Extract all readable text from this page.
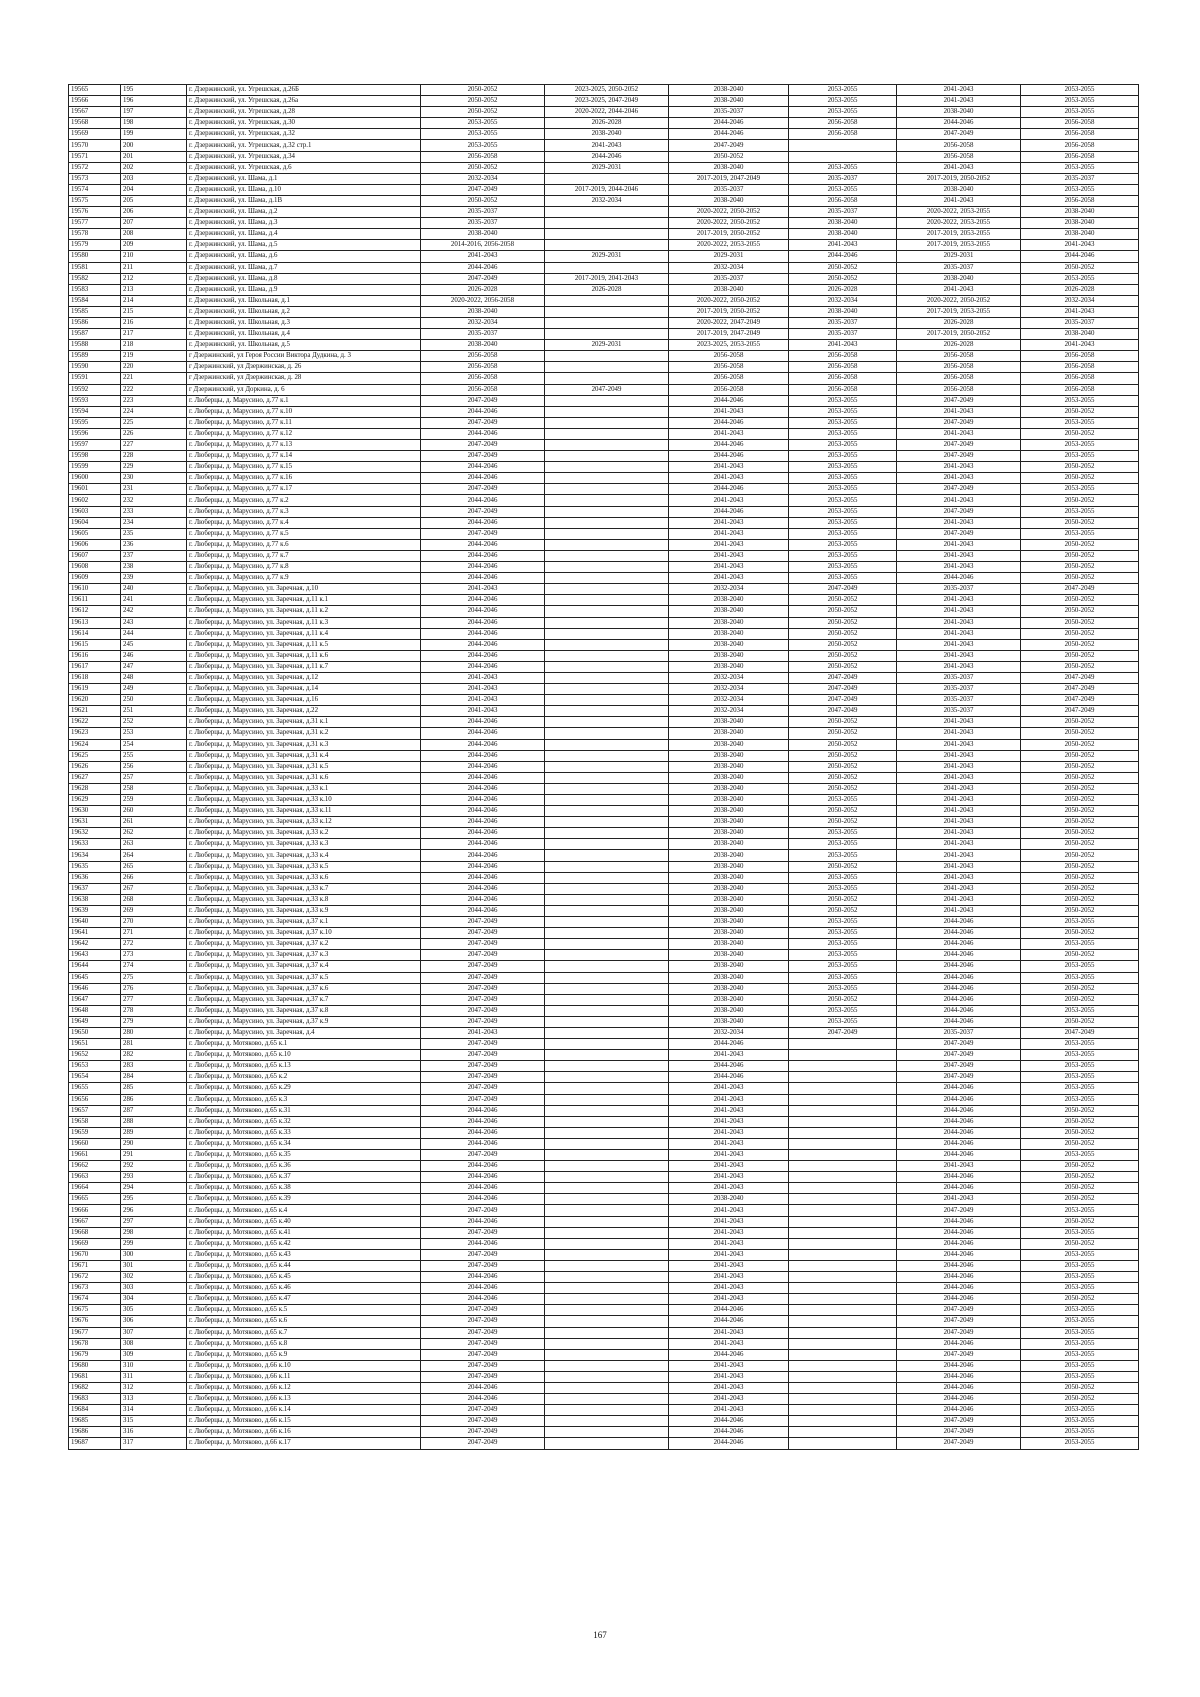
19565	195	г. Дзержинский, ул. Угрешская, д.26Б	2050-2052	2023-2025, 2050-2052	2038-2040	2053-2055	2041-2043	2053-2055
19566	196	г. Дзержинский, ул. Угрешская, д.26а	2050-2052	2023-2025, 2047-2049	2038-2040	2053-2055	2041-2043	2053-2055
19567	197	г. Дзержинский, ул. Угрешская, д.28	2050-2052	2020-2022, 2044-2046	2035-2037	2053-2055	2038-2040	2053-2055
19568	198	г. Дзержинский, ул. Угрешская, д.30	2053-2055	2026-2028	2044-2046	2056-2058	2044-2046	2056-2058
19569	199	г. Дзержинский, ул. Угрешская, д.32	2053-2055	2038-2040	2044-2046	2056-2058	2047-2049	2056-2058
19570	200	г. Дзержинский, ул. Угрешская, д.32 стр.1	2053-2055	2041-2043	2047-2049		2056-2058	2056-2058
19571	201	г. Дзержинский, ул. Угрешская, д.34	2056-2058	2044-2046	2050-2052		2056-2058	2056-2058
19572	202	г. Дзержинский, ул. Угрешская, д.6	2050-2052	2029-2031	2038-2040	2053-2055	2041-2043	2053-2055
19573	203	г. Дзержинский, ул. Шама, д.1	2032-2034		2017-2019, 2047-2049	2035-2037	2017-2019, 2050-2052	2035-2037
19574	204	г. Дзержинский, ул. Шама, д.10	2047-2049	2017-2019, 2044-2046	2035-2037	2053-2055	2038-2040	2053-2055
19575	205	г. Дзержинский, ул. Шама, д.1В	2050-2052	2032-2034	2038-2040	2056-2058	2041-2043	2056-2058
19576	206	г. Дзержинский, ул. Шама, д.2	2035-2037		2020-2022, 2050-2052	2035-2037	2020-2022, 2053-2055	2038-2040
19577	207	г. Дзержинский, ул. Шама, д.3	2035-2037		2020-2022, 2050-2052	2038-2040	2020-2022, 2053-2055	2038-2040
19578	208	г. Дзержинский, ул. Шама, д.4	2038-2040		2017-2019, 2050-2052	2038-2040	2017-2019, 2053-2055	2038-2040
19579	209	г. Дзержинский, ул. Шама, д.5	2014-2016, 2056-2058		2020-2022, 2053-2055	2041-2043	2017-2019, 2053-2055	2041-2043
19580	210	г. Дзержинский, ул. Шама, д.6	2041-2043	2029-2031	2029-2031	2044-2046	2029-2031	2044-2046
19581	211	г. Дзержинский, ул. Шама, д.7	2044-2046		2032-2034	2050-2052	2035-2037	2050-2052
19582	212	г. Дзержинский, ул. Шама, д.8	2047-2049	2017-2019, 2041-2043	2035-2037	2050-2052	2038-2040	2053-2055
19583	213	г. Дзержинский, ул. Шама, д.9	2026-2028	2026-2028	2038-2040	2026-2028	2041-2043	2026-2028
19584	214	г. Дзержинский, ул. Школьная, д.1	2020-2022, 2056-2058		2020-2022, 2050-2052	2032-2034	2020-2022, 2050-2052	2032-2034
19585	215	г. Дзержинский, ул. Школьная, д.2	2038-2040		2017-2019, 2050-2052	2038-2040	2017-2019, 2053-2055	2041-2043
19586	216	г. Дзержинский, ул. Школьная, д.3	2032-2034		2020-2022, 2047-2049	2035-2037	2026-2028	2035-2037
19587	217	г. Дзержинский, ул. Школьная, д.4	2035-2037		2017-2019, 2047-2049	2035-2037	2017-2019, 2050-2052	2038-2040
19588	218	г. Дзержинский, ул. Школьная, д.5	2038-2040	2029-2031	2023-2025, 2053-2055	2041-2043	2026-2028	2041-2043
19589	219	г Дзержинский, ул Героя России Виктора Дудкина, д. 3	2056-2058		2056-2058	2056-2058	2056-2058	2056-2058
19590	220	г Дзержинский, ул Дзержинская, д. 26	2056-2058		2056-2058	2056-2058	2056-2058	2056-2058
19591	221	г Дзержинский, ул Дзержинская, д. 28	2056-2058		2056-2058	2056-2058	2056-2058	2056-2058
19592	222	г Дзержинский, ул Доркина, д. 6	2056-2058	2047-2049	2056-2058	2056-2058	2056-2058	2056-2058
19593	223	г. Люберцы, д. Марусино, д.77 к.1	2047-2049		2044-2046	2053-2055	2047-2049	2053-2055
19594	224	г. Люберцы, д. Марусино, д.77 к.10	2044-2046		2041-2043	2053-2055	2041-2043	2050-2052
19595	225	г. Люберцы, д. Марусино, д.77 к.11	2047-2049		2044-2046	2053-2055	2047-2049	2053-2055
19596	226	г. Люберцы, д. Марусино, д.77 к.12	2044-2046		2041-2043	2053-2055	2041-2043	2050-2052
19597	227	г. Люберцы, д. Марусино, д.77 к.13	2047-2049		2044-2046	2053-2055	2047-2049	2053-2055
19598	228	г. Люберцы, д. Марусино, д.77 к.14	2047-2049		2044-2046	2053-2055	2047-2049	2053-2055
19599	229	г. Люберцы, д. Марусино, д.77 к.15	2044-2046		2041-2043	2053-2055	2041-2043	2050-2052
19600	230	г. Люберцы, д. Марусино, д.77 к.16	2044-2046		2041-2043	2053-2055	2041-2043	2050-2052
19601	231	г. Люберцы, д. Марусино, д.77 к.17	2047-2049		2044-2046	2053-2055	2047-2049	2053-2055
19602	232	г. Люберцы, д. Марусино, д.77 к.2	2044-2046		2041-2043	2053-2055	2041-2043	2050-2052
19603	233	г. Люберцы, д. Марусино, д.77 к.3	2047-2049		2044-2046	2053-2055	2047-2049	2053-2055
19604	234	г. Люберцы, д. Марусино, д.77 к.4	2044-2046		2041-2043	2053-2055	2041-2043	2050-2052
19605	235	г. Люберцы, д. Марусино, д.77 к.5	2047-2049		2041-2043	2053-2055	2047-2049	2053-2055
19606	236	г. Люберцы, д. Марусино, д.77 к.6	2044-2046		2041-2043	2053-2055	2041-2043	2050-2052
19607	237	г. Люберцы, д. Марусино, д.77 к.7	2044-2046		2041-2043	2053-2055	2041-2043	2050-2052
19608	238	г. Люберцы, д. Марусино, д.77 к.8	2044-2046		2041-2043	2053-2055	2041-2043	2050-2052
19609	239	г. Люберцы, д. Марусино, д.77 к.9	2044-2046		2041-2043	2053-2055	2044-2046	2050-2052
19610	240	г. Люберцы, д. Марусино, ул. Заречная, д.10	2041-2043		2032-2034	2047-2049	2035-2037	2047-2049
19611	241	г. Люберцы, д. Марусино, ул. Заречная, д.11 к.1	2044-2046		2038-2040	2050-2052	2041-2043	2050-2052
19612	242	г. Люберцы, д. Марусино, ул. Заречная, д.11 к.2	2044-2046		2038-2040	2050-2052	2041-2043	2050-2052
19613	243	г. Люберцы, д. Марусино, ул. Заречная, д.11 к.3	2044-2046		2038-2040	2050-2052	2041-2043	2050-2052
19614	244	г. Люберцы, д. Марусино, ул. Заречная, д.11 к.4	2044-2046		2038-2040	2050-2052	2041-2043	2050-2052
19615	245	г. Люберцы, д. Марусино, ул. Заречная, д.11 к.5	2044-2046		2038-2040	2050-2052	2041-2043	2050-2052
19616	246	г. Люберцы, д. Марусино, ул. Заречная, д.11 к.6	2044-2046		2038-2040	2050-2052	2041-2043	2050-2052
19617	247	г. Люберцы, д. Марусино, ул. Заречная, д.11 к.7	2044-2046		2038-2040	2050-2052	2041-2043	2050-2052
19618	248	г. Люберцы, д. Марусино, ул. Заречная, д.12	2041-2043		2032-2034	2047-2049	2035-2037	2047-2049
19619	249	г. Люберцы, д. Марусино, ул. Заречная, д.14	2041-2043		2032-2034	2047-2049	2035-2037	2047-2049
19620	250	г. Люберцы, д. Марусино, ул. Заречная, д.16	2041-2043		2032-2034	2047-2049	2035-2037	2047-2049
19621	251	г. Люберцы, д. Марусино, ул. Заречная, д.22	2041-2043		2032-2034	2047-2049	2035-2037	2047-2049
19622	252	г. Люберцы, д. Марусино, ул. Заречная, д.31 к.1	2044-2046		2038-2040	2050-2052	2041-2043	2050-2052
19623	253	г. Люберцы, д. Марусино, ул. Заречная, д.31 к.2	2044-2046		2038-2040	2050-2052	2041-2043	2050-2052
19624	254	г. Люберцы, д. Марусино, ул. Заречная, д.31 к.3	2044-2046		2038-2040	2050-2052	2041-2043	2050-2052
19625	255	г. Люберцы, д. Марусино, ул. Заречная, д.31 к.4	2044-2046		2038-2040	2050-2052	2041-2043	2050-2052
19626	256	г. Люберцы, д. Марусино, ул. Заречная, д.31 к.5	2044-2046		2038-2040	2050-2052	2041-2043	2050-2052
19627	257	г. Люберцы, д. Марусино, ул. Заречная, д.31 к.6	2044-2046		2038-2040	2050-2052	2041-2043	2050-2052
19628	258	г. Люберцы, д. Марусино, ул. Заречная, д.33 к.1	2044-2046		2038-2040	2050-2052	2041-2043	2050-2052
19629	259	г. Люберцы, д. Марусино, ул. Заречная, д.33 к.10	2044-2046		2038-2040	2053-2055	2041-2043	2050-2052
19630	260	г. Люберцы, д. Марусино, ул. Заречная, д.33 к.11	2044-2046		2038-2040	2050-2052	2041-2043	2050-2052
19631	261	г. Люберцы, д. Марусино, ул. Заречная, д.33 к.12	2044-2046		2038-2040	2050-2052	2041-2043	2050-2052
19632	262	г. Люберцы, д. Марусино, ул. Заречная, д.33 к.2	2044-2046		2038-2040	2053-2055	2041-2043	2050-2052
19633	263	г. Люберцы, д. Марусино, ул. Заречная, д.33 к.3	2044-2046		2038-2040	2053-2055	2041-2043	2050-2052
19634	264	г. Люберцы, д. Марусино, ул. Заречная, д.33 к.4	2044-2046		2038-2040	2053-2055	2041-2043	2050-2052
19635	265	г. Люберцы, д. Марусино, ул. Заречная, д.33 к.5	2044-2046		2038-2040	2050-2052	2041-2043	2050-2052
19636	266	г. Люберцы, д. Марусино, ул. Заречная, д.33 к.6	2044-2046		2038-2040	2053-2055	2041-2043	2050-2052
19637	267	г. Люберцы, д. Марусино, ул. Заречная, д.33 к.7	2044-2046		2038-2040	2053-2055	2041-2043	2050-2052
19638	268	г. Люберцы, д. Марусино, ул. Заречная, д.33 к.8	2044-2046		2038-2040	2050-2052	2041-2043	2050-2052
19639	269	г. Люберцы, д. Марусино, ул. Заречная, д.33 к.9	2044-2046		2038-2040	2050-2052	2041-2043	2050-2052
19640	270	г. Люберцы, д. Марусино, ул. Заречная, д.37 к.1	2047-2049		2038-2040	2053-2055	2044-2046	2053-2055
19641	271	г. Люберцы, д. Марусино, ул. Заречная, д.37 к.10	2047-2049		2038-2040	2053-2055	2044-2046	2050-2052
19642	272	г. Люберцы, д. Марусино, ул. Заречная, д.37 к.2	2047-2049		2038-2040	2053-2055	2044-2046	2053-2055
19643	273	г. Люберцы, д. Марусино, ул. Заречная, д.37 к.3	2047-2049		2038-2040	2053-2055	2044-2046	2050-2052
19644	274	г. Люберцы, д. Марусино, ул. Заречная, д.37 к.4	2047-2049		2038-2040	2053-2055	2044-2046	2053-2055
19645	275	г. Люберцы, д. Марусино, ул. Заречная, д.37 к.5	2047-2049		2038-2040	2053-2055	2044-2046	2053-2055
19646	276	г. Люберцы, д. Марусино, ул. Заречная, д.37 к.6	2047-2049		2038-2040	2053-2055	2044-2046	2050-2052
19647	277	г. Люберцы, д. Марусино, ул. Заречная, д.37 к.7	2047-2049		2038-2040	2050-2052	2044-2046	2050-2052
19648	278	г. Люберцы, д. Марусино, ул. Заречная, д.37 к.8	2047-2049		2038-2040	2053-2055	2044-2046	2053-2055
19649	279	г. Люберцы, д. Марусино, ул. Заречная, д.37 к.9	2047-2049		2038-2040	2053-2055	2044-2046	2050-2052
19650	280	г. Люберцы, д. Марусино, ул. Заречная, д.4	2041-2043		2032-2034	2047-2049	2035-2037	2047-2049
19651	281	г. Люберцы, д. Мотяково, д.65 к.1	2047-2049		2044-2046		2047-2049	2053-2055
19652	282	г. Люберцы, д. Мотяково, д.65 к.10	2047-2049		2041-2043		2047-2049	2053-2055
19653	283	г. Люберцы, д. Мотяково, д.65 к.13	2047-2049		2044-2046		2047-2049	2053-2055
19654	284	г. Люберцы, д. Мотяково, д.65 к.2	2047-2049		2044-2046		2047-2049	2053-2055
19655	285	г. Люберцы, д. Мотяково, д.65 к.29	2047-2049		2041-2043		2044-2046	2053-2055
19656	286	г. Люберцы, д. Мотяково, д.65 к.3	2047-2049		2041-2043		2044-2046	2053-2055
19657	287	г. Люберцы, д. Мотяково, д.65 к.31	2044-2046		2041-2043		2044-2046	2050-2052
19658	288	г. Люберцы, д. Мотяково, д.65 к.32	2044-2046		2041-2043		2044-2046	2050-2052
19659	289	г. Люберцы, д. Мотяково, д.65 к.33	2044-2046		2041-2043		2044-2046	2050-2052
19660	290	г. Люберцы, д. Мотяково, д.65 к.34	2044-2046		2041-2043		2044-2046	2050-2052
19661	291	г. Люберцы, д. Мотяково, д.65 к.35	2047-2049		2041-2043		2044-2046	2053-2055
19662	292	г. Люберцы, д. Мотяково, д.65 к.36	2044-2046		2041-2043		2041-2043	2050-2052
19663	293	г. Люберцы, д. Мотяково, д.65 к.37	2044-2046		2041-2043		2044-2046	2050-2052
19664	294	г. Люберцы, д. Мотяково, д.65 к.38	2044-2046		2041-2043		2044-2046	2050-2052
19665	295	г. Люберцы, д. Мотяково, д.65 к.39	2044-2046		2038-2040		2041-2043	2050-2052
19666	296	г. Люберцы, д. Мотяково, д.65 к.4	2047-2049		2041-2043		2047-2049	2053-2055
19667	297	г. Люберцы, д. Мотяково, д.65 к.40	2044-2046		2041-2043		2044-2046	2050-2052
19668	298	г. Люберцы, д. Мотяково, д.65 к.41	2047-2049		2041-2043		2044-2046	2053-2055
19669	299	г. Люберцы, д. Мотяково, д.65 к.42	2044-2046		2041-2043		2044-2046	2050-2052
19670	300	г. Люберцы, д. Мотяково, д.65 к.43	2047-2049		2041-2043		2044-2046	2053-2055
19671	301	г. Люберцы, д. Мотяково, д.65 к.44	2047-2049		2041-2043		2044-2046	2053-2055
19672	302	г. Люберцы, д. Мотяково, д.65 к.45	2044-2046		2041-2043		2044-2046	2053-2055
19673	303	г. Люберцы, д. Мотяково, д.65 к.46	2044-2046		2041-2043		2044-2046	2053-2055
19674	304	г. Люберцы, д. Мотяково, д.65 к.47	2044-2046		2041-2043		2044-2046	2050-2052
19675	305	г. Люберцы, д. Мотяково, д.65 к.5	2047-2049		2044-2046		2047-2049	2053-2055
19676	306	г. Люберцы, д. Мотяково, д.65 к.6	2047-2049		2044-2046		2047-2049	2053-2055
19677	307	г. Люберцы, д. Мотяково, д.65 к.7	2047-2049		2041-2043		2047-2049	2053-2055
19678	308	г. Люберцы, д. Мотяково, д.65 к.8	2047-2049		2041-2043		2044-2046	2053-2055
19679	309	г. Люберцы, д. Мотяково, д.65 к.9	2047-2049		2044-2046		2047-2049	2053-2055
19680	310	г. Люберцы, д. Мотяково, д.66 к.10	2047-2049		2041-2043		2044-2046	2053-2055
19681	311	г. Люберцы, д. Мотяково, д.66 к.11	2047-2049		2041-2043		2044-2046	2053-2055
19682	312	г. Люберцы, д. Мотяково, д.66 к.12	2044-2046		2041-2043		2044-2046	2050-2052
19683	313	г. Люберцы, д. Мотяково, д.66 к.13	2044-2046		2041-2043		2044-2046	2050-2052
19684	314	г. Люберцы, д. Мотяково, д.66 к.14	2047-2049		2041-2043		2044-2046	2053-2055
19685	315	г. Люберцы, д. Мотяково, д.66 к.15	2047-2049		2044-2046		2047-2049	2053-2055
19686	316	г. Люберцы, д. Мотяково, д.66 к.16	2047-2049		2044-2046		2047-2049	2053-2055
19687	317	г. Люберцы, д. Мотяково, д.66 к.17	2047-2049		2044-2046		2047-2049	2053-2055
167
